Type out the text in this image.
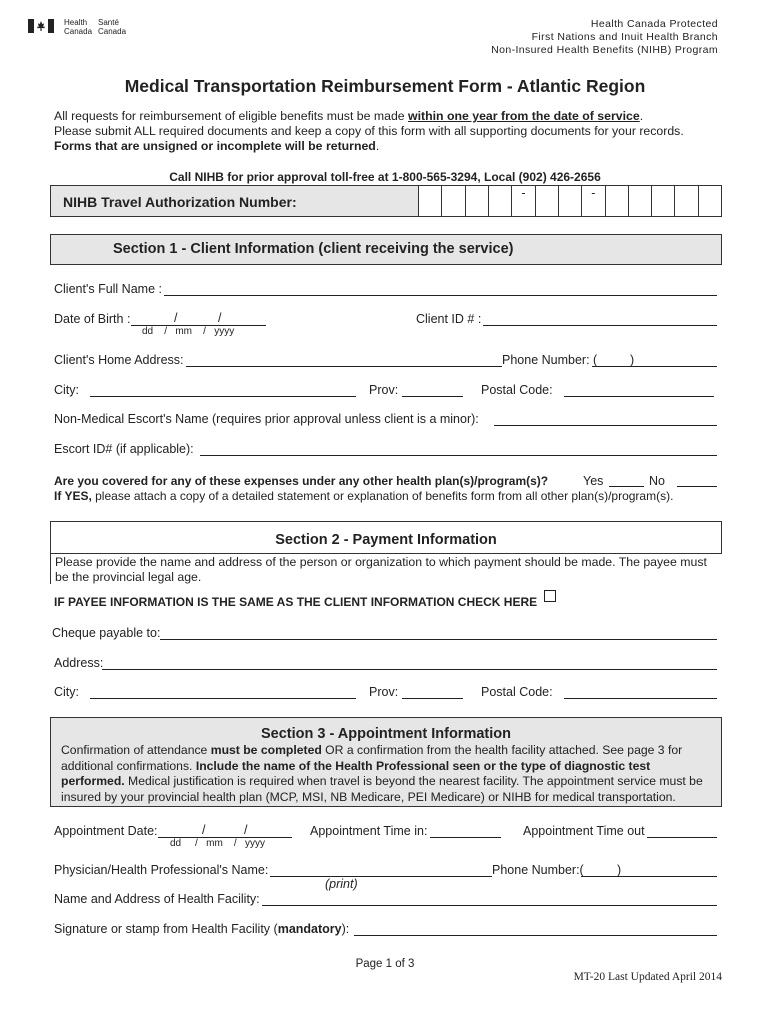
Health
Canada
Santé
Canada
Health Canada Protected
First Nations and Inuit Health Branch
Non-Insured Health Benefits (NIHB) Program
Medical Transportation Reimbursement Form - Atlantic Region
All requests for reimbursement of eligible benefits must be made within one year from the date of service.
Please submit ALL required documents and keep a copy of this form with all supporting documents for your records.
Forms that are unsigned or incomplete will be returned.
Call NIHB for prior approval toll-free at 1-800-565-3294, Local (902) 426-2656
NIHB Travel Authorization Number:
-	-
Section 1 - Client Information (client receiving the service)
Client's Full Name :
Date of Birth :	/	/
dd    /   mm    /   yyyy
Client ID # :
Client's Home Address:	Phone Number: (	)
City:	Prov:	Postal Code:
Non-Medical Escort's Name (requires prior approval unless client is a minor):
Escort ID# (if applicable):
Are you covered for any of these expenses under any other health plan(s)/program(s)?	Yes	No
If YES, please attach a copy of a detailed statement or explanation of benefits form from all other plan(s)/program(s).
Section 2 - Payment Information
Please provide the name and address of the person or organization to which payment should be made. The payee must be the provincial legal age.
IF PAYEE INFORMATION IS THE SAME AS THE CLIENT INFORMATION CHECK HERE
Cheque payable to:
Address:
City:	Prov:	Postal Code:
Section 3 - Appointment Information
Confirmation of attendance must be completed OR a confirmation from the health facility attached. See page 3 for
additional confirmations. Include the name of the Health Professional seen or the type of diagnostic test
performed. Medical justification is required when travel is beyond the nearest facility. The appointment service must be
insured by your provincial health plan (MCP, MSI, NB Medicare, PEI Medicare) or NIHB for medical transportation.
Appointment Date:	/	/
dd     /   mm    /   yyyy
Appointment Time in:	Appointment Time out
Physician/Health Professional's Name:	Phone Number:(	)
(print)
Name and Address of Health Facility:
Signature or stamp from Health Facility (mandatory):
Page 1 of 3
MT-20 Last Updated April 2014
